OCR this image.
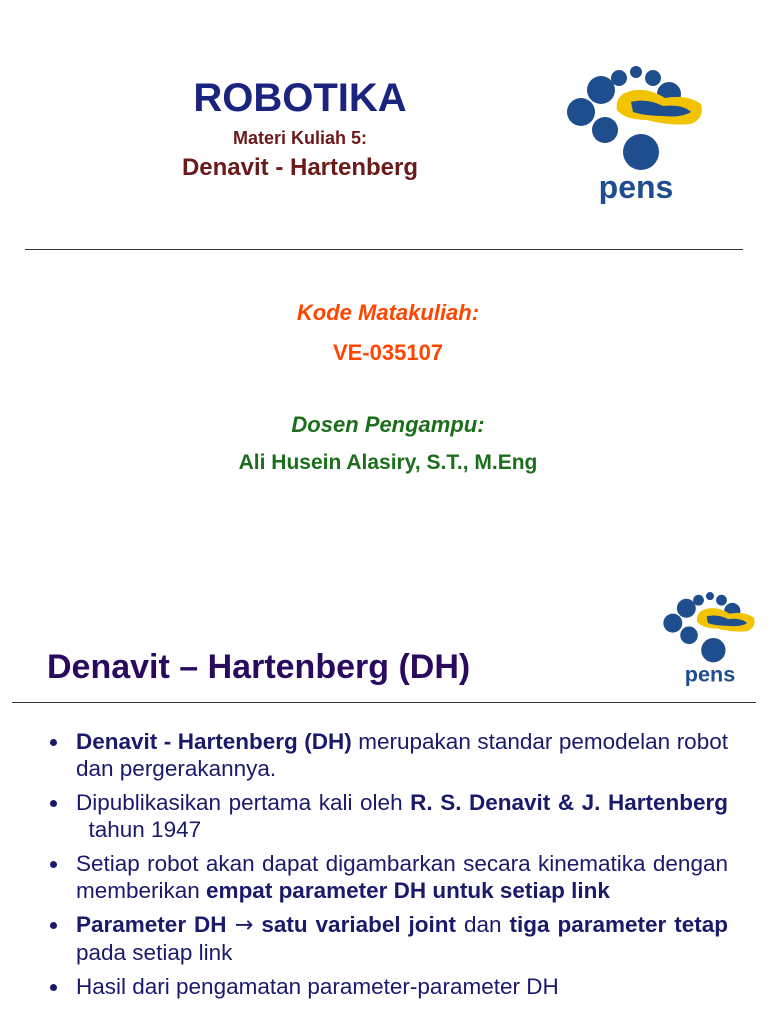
ROBOTIKA
Materi Kuliah 5:
Denavit - Hartenberg
pens
Kode Matakuliah:
VE-035107
Dosen Pengampu:
Ali Husein Alasiry, S.T., M.Eng
Denavit – Hartenberg (DH)	pens
Denavit - Hartenberg (DH) merupakan standar pemodelan robot dan pergerakannya.
Dipublikasikan pertama kali oleh R. S. Denavit & J. Hartenberg  tahun 1947
Setiap robot akan dapat digambarkan secara kinematika dengan memberikan empat parameter DH untuk setiap link
Parameter DH → satu variabel joint dan tiga parameter tetap pada setiap link
Hasil dari pengamatan parameter-parameter DH
